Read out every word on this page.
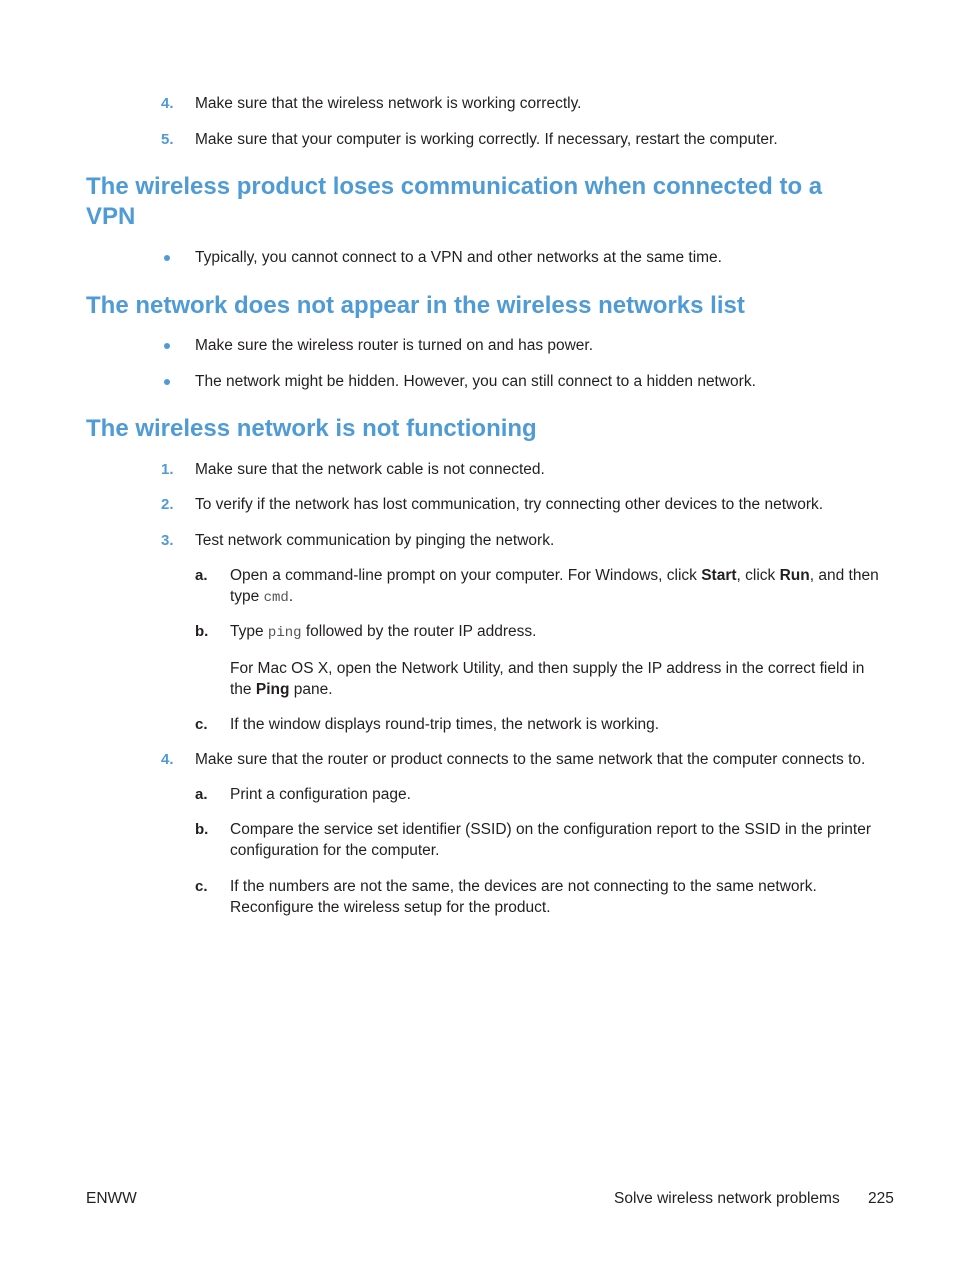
4.	Make sure that the wireless network is working correctly.
5.	Make sure that your computer is working correctly. If necessary, restart the computer.
The wireless product loses communication when connected to a VPN
Typically, you cannot connect to a VPN and other networks at the same time.
The network does not appear in the wireless networks list
Make sure the wireless router is turned on and has power.
The network might be hidden. However, you can still connect to a hidden network.
The wireless network is not functioning
1.	Make sure that the network cable is not connected.
2.	To verify if the network has lost communication, try connecting other devices to the network.
3.	Test network communication by pinging the network.
a.	Open a command-line prompt on your computer. For Windows, click Start, click Run, and then type cmd.
b.	Type ping followed by the router IP address.
For Mac OS X, open the Network Utility, and then supply the IP address in the correct field in the Ping pane.
c.	If the window displays round-trip times, the network is working.
4.	Make sure that the router or product connects to the same network that the computer connects to.
a.	Print a configuration page.
b.	Compare the service set identifier (SSID) on the configuration report to the SSID in the printer configuration for the computer.
c.	If the numbers are not the same, the devices are not connecting to the same network. Reconfigure the wireless setup for the product.
ENWW	Solve wireless network problems 225
